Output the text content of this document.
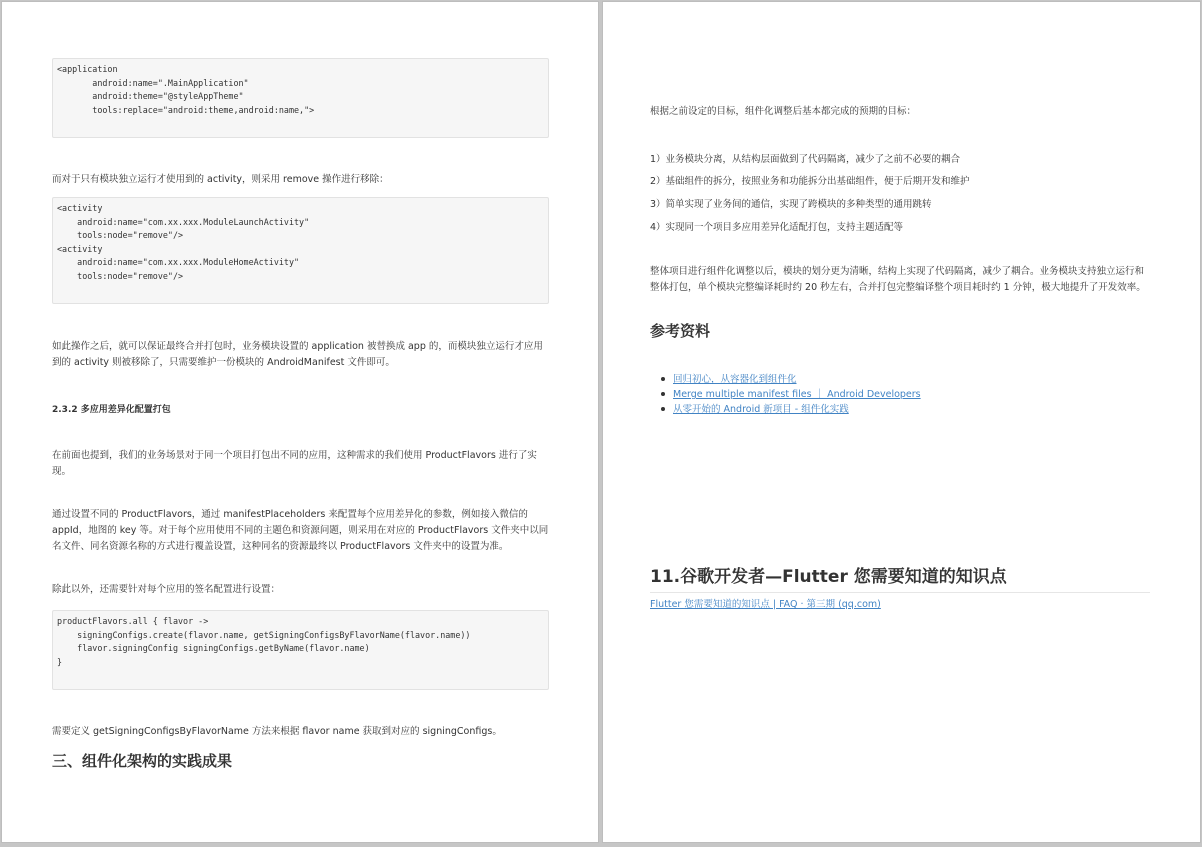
<application
android:name=".MainApplication"
android:theme="@styleAppTheme"
tools:replace="android:theme,android:name,">

而对于只有模块独立运行才使用到的 activity，则采用 remove 操作进行移除：

<activity
android:name="com.xx.xxx.ModuleLaunchActivity"
tools:node="remove"/>
<activity
android:name="com.xx.xxx.ModuleHomeActivity"
tools:node="remove"/>

如此操作之后，就可以保证最终合并打包时，业务模块设置的 application 被替换成 app 的，而模块独立运行才应用到的 activity 则被移除了，只需要维护一份模块的 AndroidManifest 文件即可。

2.3.2 多应用差异化配置打包

在前面也提到，我们的业务场景对于同一个项目打包出不同的应用，这种需求的我们使用 ProductFlavors 进行了实现。

通过设置不同的 ProductFlavors，通过 manifestPlaceholders 来配置每个应用差异化的参数，例如接入微信的 appId，地图的 key 等。对于每个应用使用不同的主题色和资源问题，则采用在对应的 ProductFlavors 文件夹中以同名文件、同名资源名称的方式进行覆盖设置，这种同名的资源最终以 ProductFlavors 文件夹中的设置为准。

除此以外，还需要针对每个应用的签名配置进行设置：

productFlavors.all { flavor ->
signingConfigs.create(flavor.name, getSigningConfigsByFlavorName(flavor.name))
flavor.signingConfig signingConfigs.getByName(flavor.name)
}

需要定义 getSigningConfigsByFlavorName 方法来根据 flavor name 获取到对应的 signingConfigs。

三、组件化架构的实践成果

根据之前设定的目标，组件化调整后基本都完成的预期的目标：

1）业务模块分离，从结构层面做到了代码隔离，减少了之前不必要的耦合

2）基础组件的拆分，按照业务和功能拆分出基础组件，便于后期开发和维护

3）简单实现了业务间的通信，实现了跨模块的多种类型的通用跳转

4）实现同一个项目多应用差异化适配打包，支持主题适配等

整体项目进行组件化调整以后，模块的划分更为清晰，结构上实现了代码隔离，减少了耦合。业务模块支持独立运行和整体打包，单个模块完整编译耗时约 20 秒左右，合并打包完整编译整个项目耗时约 1 分钟，极大地提升了开发效率。

参考资料
回归初心，从容器化到组件化
Merge multiple manifest files ｜ Android Developers
从零开始的 Android 新项目 - 组件化实践
11.谷歌开发者—Flutter 您需要知道的知识点
Flutter 您需要知道的知识点 | FAQ · 第三期 (qq.com)
